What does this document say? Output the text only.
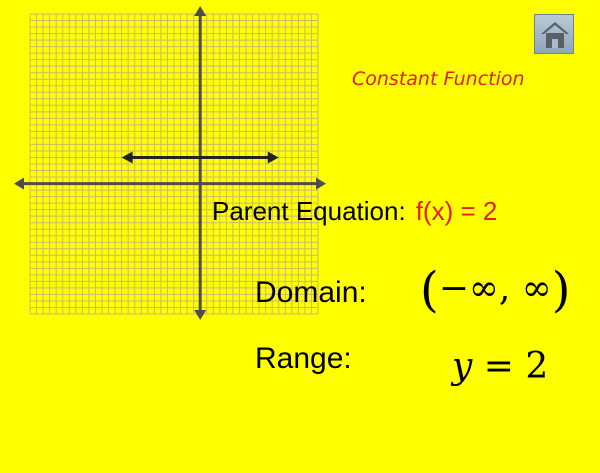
Constant Function
Parent Equation: f(x) = 2
Domain: (−∞, ∞)
Range:	y = 2
